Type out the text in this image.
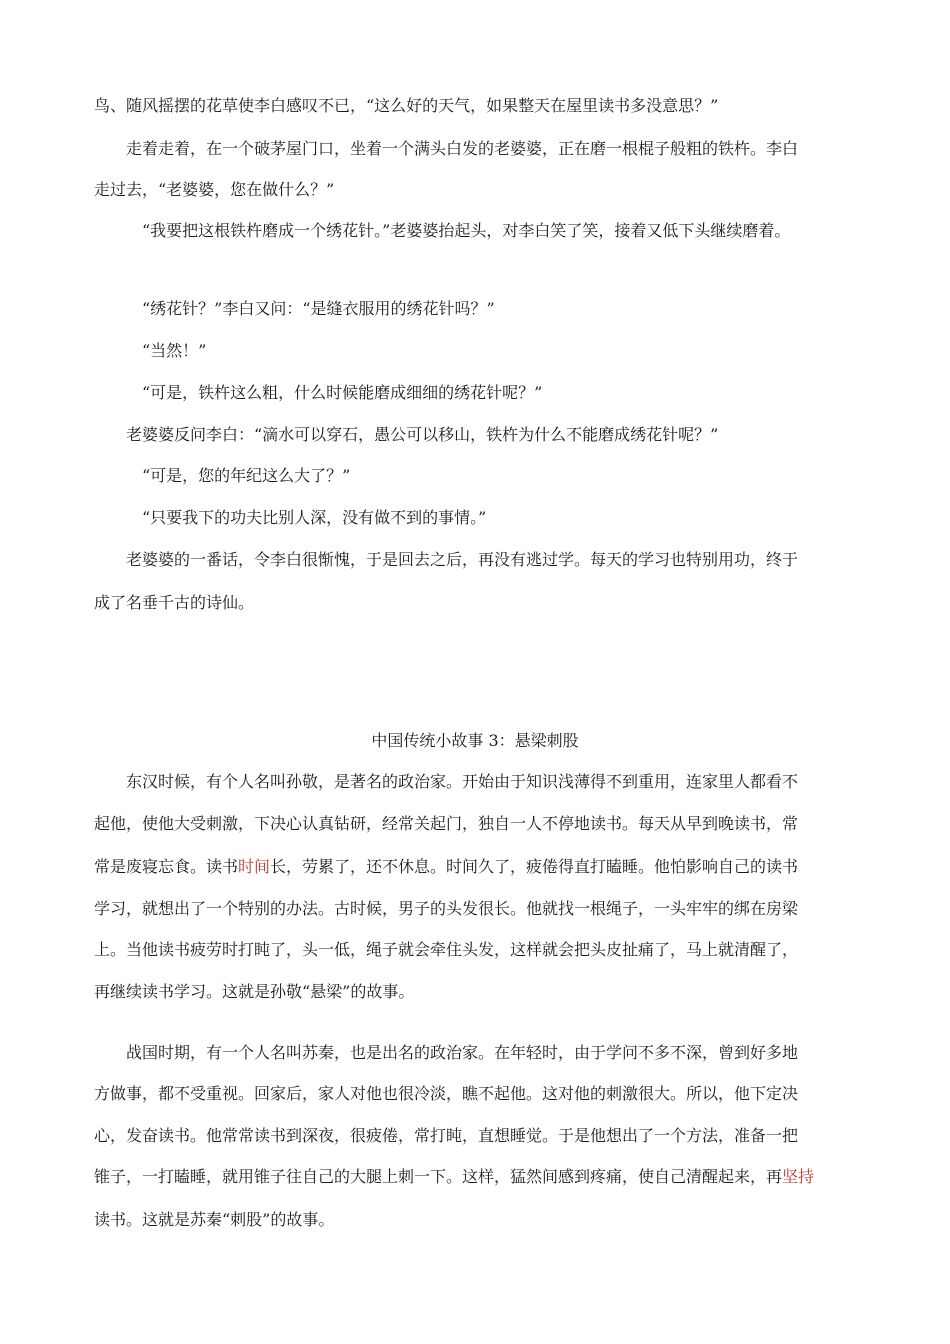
鸟、随风摇摆的花草使李白感叹不已，“这么好的天气，如果整天在屋里读书多没意思？”
走着走着，在一个破茅屋门口，坐着一个满头白发的老婆婆，正在磨一根棍子般粗的铁杵。李白
走过去，“老婆婆，您在做什么？”
“我要把这根铁杵磨成一个绣花针。”老婆婆抬起头，对李白笑了笑，接着又低下头继续磨着。
“绣花针？”李白又问：“是缝衣服用的绣花针吗？”
“当然！”
“可是，铁杵这么粗，什么时候能磨成细细的绣花针呢？”
老婆婆反问李白：“滴水可以穿石，愚公可以移山，铁杵为什么不能磨成绣花针呢？”
“可是，您的年纪这么大了？”
“只要我下的功夫比别人深，没有做不到的事情。”
老婆婆的一番话，令李白很惭愧，于是回去之后，再没有逃过学。每天的学习也特别用功，终于
成了名垂千古的诗仙。
中国传统小故事 3：悬梁刺股
东汉时候，有个人名叫孙敬，是著名的政治家。开始由于知识浅薄得不到重用，连家里人都看不
起他，使他大受刺激，下决心认真钻研，经常关起门，独自一人不停地读书。每天从早到晚读书，常
常是废寝忘食。读书时间长，劳累了，还不休息。时间久了，疲倦得直打瞌睡。他怕影响自己的读书
学习，就想出了一个特别的办法。古时候，男子的头发很长。他就找一根绳子，一头牢牢的绑在房梁
上。当他读书疲劳时打盹了，头一低，绳子就会牵住头发，这样就会把头皮扯痛了，马上就清醒了，
再继续读书学习。这就是孙敬“悬梁”的故事。
战国时期，有一个人名叫苏秦，也是出名的政治家。在年轻时，由于学问不多不深，曾到好多地
方做事，都不受重视。回家后，家人对他也很冷淡，瞧不起他。这对他的刺激很大。所以，他下定决
心，发奋读书。他常常读书到深夜，很疲倦，常打盹，直想睡觉。于是他想出了一个方法，准备一把
锥子，一打瞌睡，就用锥子往自己的大腿上刺一下。这样，猛然间感到疼痛，使自己清醒起来，再坚持
读书。这就是苏秦“刺股”的故事。
